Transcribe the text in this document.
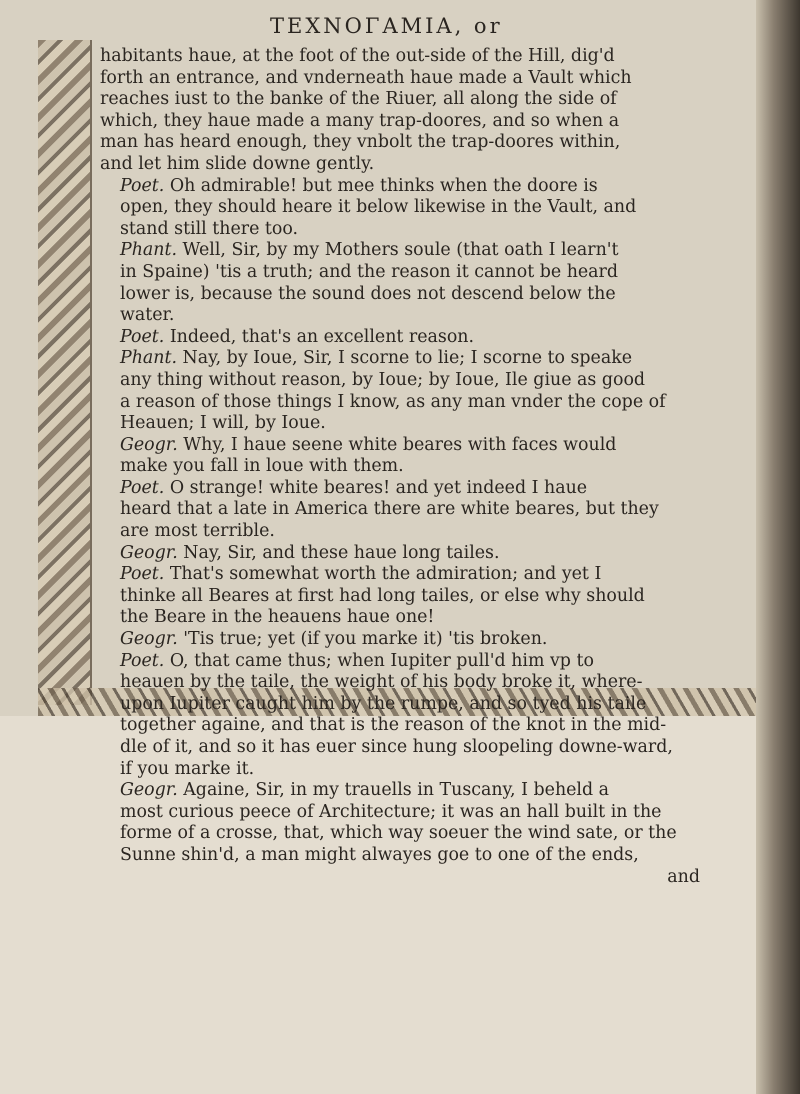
TEXNOΓAMIA, or
habitants haue, at the foot of the out-side of the Hill, dig'd
forth an entrance, and vnderneath haue made a Vault which
reaches iust to the banke of the Riuer, all along the side of
which, they haue made a many trap-doores, and so when a
man has heard enough, they vnbolt the trap-doores within,
and let him slide downe gently.
Poet. Oh admirable! but mee thinks when the doore is
open, they should heare it below likewise in the Vault, and
stand still there too.
Phant. Well, Sir, by my Mothers soule (that oath I learn't
in Spaine) 'tis a truth; and the reason it cannot be heard
lower is, because the sound does not descend below the
water.
Poet. Indeed, that's an excellent reason.
Phant. Nay, by Ioue, Sir, I scorne to lie; I scorne to speake
any thing without reason, by Ioue; by Ioue, Ile giue as good
a reason of those things I know, as any man vnder the cope of
Heauen; I will, by Ioue.
Geogr. Why, I haue seene white beares with faces would
make you fall in loue with them.
Poet. O strange! white beares! and yet indeed I haue
heard that a late in America there are white beares, but they
are most terrible.
Geogr. Nay, Sir, and these haue long tailes.
Poet. That's somewhat worth the admiration; and yet I
thinke all Beares at first had long tailes, or else why should
the Beare in the heauens haue one!
Geogr. 'Tis true; yet (if you marke it) 'tis broken.
Poet. O, that came thus; when Iupiter pull'd him vp to
heauen by the taile, the weight of his body broke it, where-
upon Iupiter caught him by the rumpe, and so tyed his taile
together againe, and that is the reason of the knot in the mid-
dle of it, and so it has euer since hung sloopeling downe-ward,
if you marke it.
Geogr. Againe, Sir, in my trauells in Tuscany, I beheld a
most curious peece of Architecture; it was an hall built in the
forme of a crosse, that, which way soeuer the wind sate, or the
Sunne shin'd, a man might alwayes goe to one of the ends,
and
